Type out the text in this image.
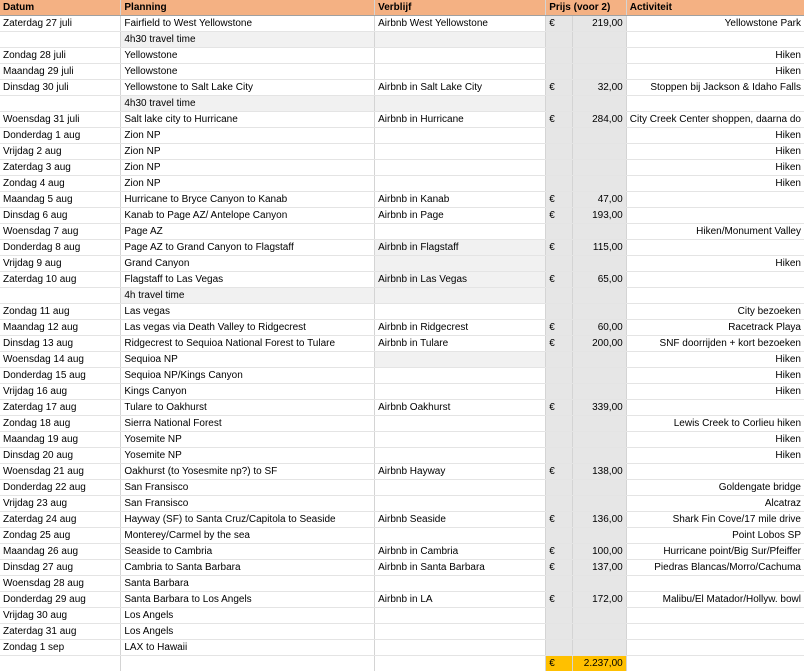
Datum	Planning	Verblijf	Prijs (voor 2)		Activiteit
Zaterdag 27 juli	Fairfield to West Yellowstone	Airbnb West Yellowstone	€	219,00	Yellowstone Park
	4h30 travel time				
Zondag 28 juli	Yellowstone				Hiken
Maandag 29 juli	Yellowstone				Hiken
Dinsdag 30 juli	Yellowstone to Salt Lake City	Airbnb in Salt Lake City	€	32,00	Stoppen bij Jackson & Idaho Falls
	4h30 travel time				
Woensdag 31 juli	Salt lake city to Hurricane	Airbnb in Hurricane	€	284,00	City Creek Center shoppen, daarna do
Donderdag 1 aug	Zion NP				Hiken
Vrijdag 2 aug	Zion NP				Hiken
Zaterdag 3 aug	Zion NP				Hiken
Zondag 4 aug	Zion NP				Hiken
Maandag 5 aug	Hurricane to Bryce Canyon to Kanab	Airbnb in Kanab	€	47,00	
Dinsdag 6 aug	Kanab to Page AZ/ Antelope Canyon	Airbnb in Page	€	193,00	
Woensdag 7 aug	Page AZ				Hiken/Monument Valley
Donderdag 8 aug	Page AZ to Grand Canyon to Flagstaff	Airbnb in Flagstaff	€	115,00	
Vrijdag 9 aug	Grand Canyon				Hiken
Zaterdag 10 aug	Flagstaff to Las Vegas	Airbnb in Las Vegas	€	65,00	
	4h travel time				
Zondag 11 aug	Las vegas				City bezoeken
Maandag 12 aug	Las vegas via Death Valley to Ridgecrest	Airbnb in Ridgecrest	€	60,00	Racetrack Playa
Dinsdag 13 aug	Ridgecrest to Sequioa National Forest to Tulare	Airbnb in Tulare	€	200,00	SNF doorrijden + kort bezoeken
Woensdag 14 aug	Sequioa NP				Hiken
Donderdag 15 aug	Sequioa NP/Kings Canyon				Hiken
Vrijdag 16 aug	Kings Canyon				Hiken
Zaterdag 17 aug	Tulare to Oakhurst	Airbnb Oakhurst	€	339,00	
Zondag 18 aug	Sierra National Forest				Lewis Creek to Corlieu hiken
Maandag 19 aug	Yosemite NP				Hiken
Dinsdag 20 aug	Yosemite NP				Hiken
Woensdag 21 aug	Oakhurst (to Yosesmite np?) to SF	Airbnb Hayway	€	138,00	
Donderdag 22 aug	San Fransisco				Goldengate bridge
Vrijdag 23 aug	San Fransisco				Alcatraz
Zaterdag 24 aug	Hayway (SF) to Santa Cruz/Capitola to Seaside	Airbnb Seaside	€	136,00	Shark Fin Cove/17 mile drive
Zondag 25 aug	Monterey/Carmel by the sea				Point Lobos SP
Maandag 26 aug	Seaside to Cambria	Airbnb in Cambria	€	100,00	Hurricane point/Big Sur/Pfeiffer
Dinsdag 27 aug	Cambria to Santa Barbara	Airbnb in Santa Barbara	€	137,00	Piedras Blancas/Morro/Cachuma
Woensdag 28 aug	Santa Barbara				
Donderdag 29 aug	Santa Barbara to Los Angels	Airbnb in LA	€	172,00	Malibu/El Matador/Hollyw. bowl
Vrijdag 30 aug	Los Angels				
Zaterdag 31 aug	Los Angels				
Zondag 1 sep	LAX to Hawaii				
			€	2.237,00	
